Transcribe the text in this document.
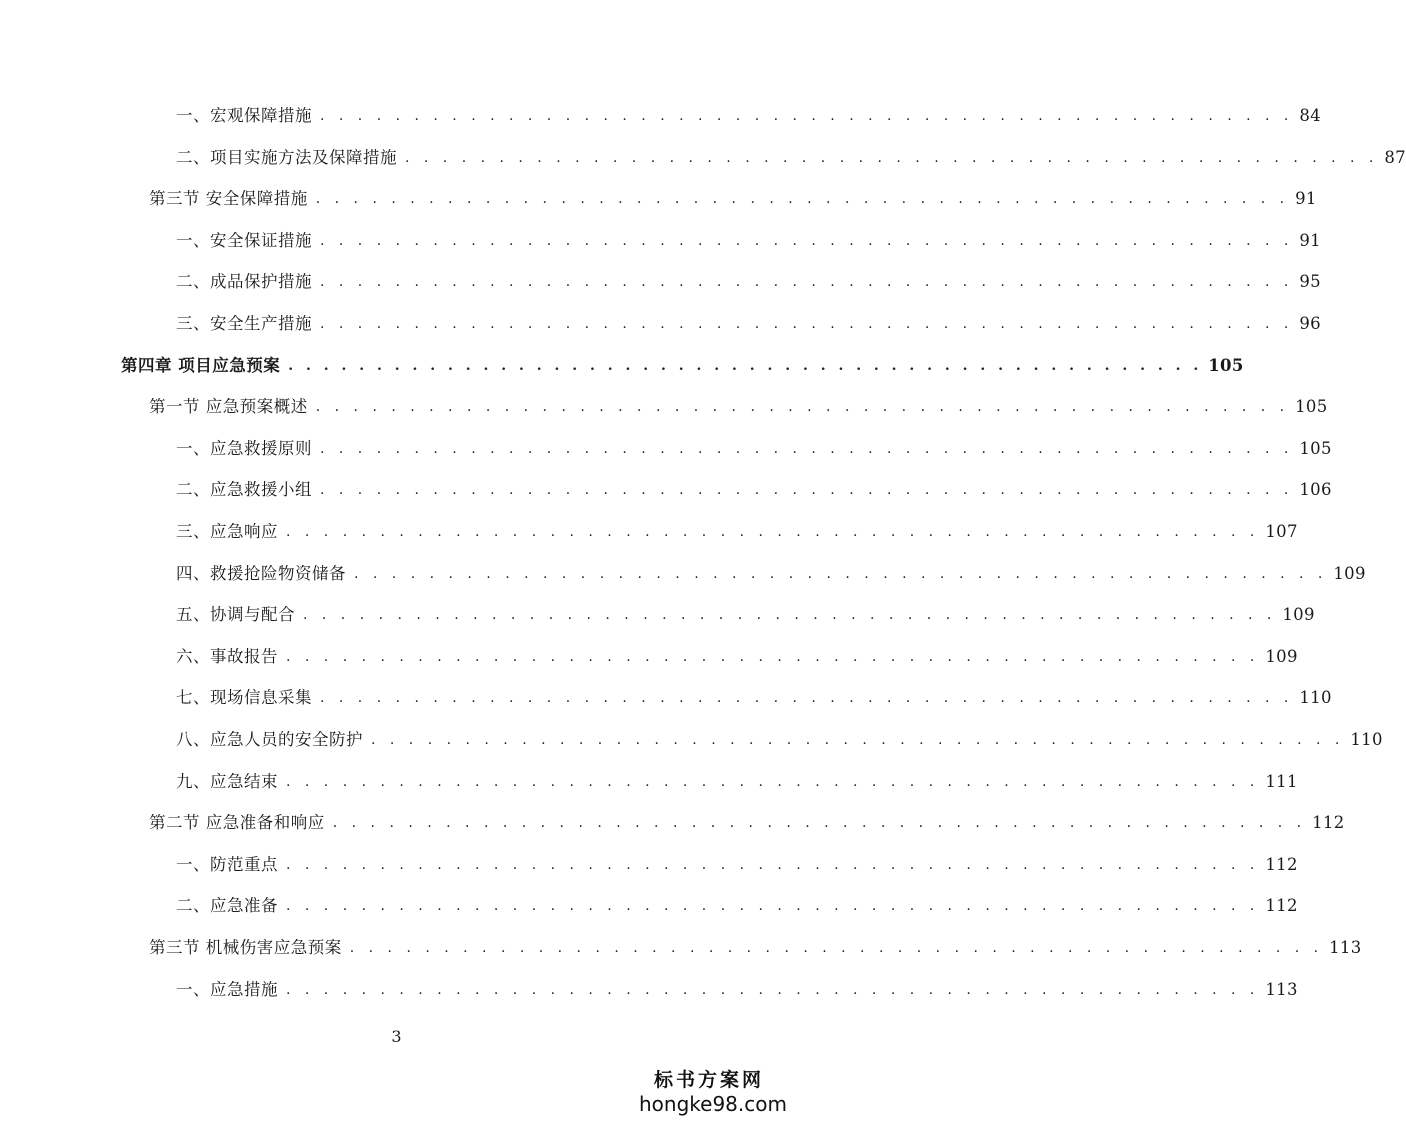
一、宏观保障措施 . . . . . . . . . . . . . . . . . . . . . . . . . . . . . . . . . . . . . . . . . . . . . . . . . . . . 84
二、项目实施方法及保障措施 . . . . . . . . . . . . . . . . . . . . . . . . . . . . . . . . . . . . . . . . . . . . . . . . . . . . 87
第三节 安全保障措施 . . . . . . . . . . . . . . . . . . . . . . . . . . . . . . . . . . . . . . . . . . . . . . . . . . . . 91
一、安全保证措施 . . . . . . . . . . . . . . . . . . . . . . . . . . . . . . . . . . . . . . . . . . . . . . . . . . . . 91
二、成品保护措施 . . . . . . . . . . . . . . . . . . . . . . . . . . . . . . . . . . . . . . . . . . . . . . . . . . . . 95
三、安全生产措施 . . . . . . . . . . . . . . . . . . . . . . . . . . . . . . . . . . . . . . . . . . . . . . . . . . . . 96
第四章 项目应急预案 . . . . . . . . . . . . . . . . . . . . . . . . . . . . . . . . . . . . . . . . . . . . . . . . . . . . 105
第一节 应急预案概述 . . . . . . . . . . . . . . . . . . . . . . . . . . . . . . . . . . . . . . . . . . . . . . . . . . . . 105
一、应急救援原则 . . . . . . . . . . . . . . . . . . . . . . . . . . . . . . . . . . . . . . . . . . . . . . . . . . . . 105
二、应急救援小组 . . . . . . . . . . . . . . . . . . . . . . . . . . . . . . . . . . . . . . . . . . . . . . . . . . . . 106
三、应急响应 . . . . . . . . . . . . . . . . . . . . . . . . . . . . . . . . . . . . . . . . . . . . . . . . . . . . 107
四、救援抢险物资储备 . . . . . . . . . . . . . . . . . . . . . . . . . . . . . . . . . . . . . . . . . . . . . . . . . . . . 109
五、协调与配合 . . . . . . . . . . . . . . . . . . . . . . . . . . . . . . . . . . . . . . . . . . . . . . . . . . . . 109
六、事故报告 . . . . . . . . . . . . . . . . . . . . . . . . . . . . . . . . . . . . . . . . . . . . . . . . . . . . 109
七、现场信息采集 . . . . . . . . . . . . . . . . . . . . . . . . . . . . . . . . . . . . . . . . . . . . . . . . . . . . 110
八、应急人员的安全防护 . . . . . . . . . . . . . . . . . . . . . . . . . . . . . . . . . . . . . . . . . . . . . . . . . . . . 110
九、应急结束 . . . . . . . . . . . . . . . . . . . . . . . . . . . . . . . . . . . . . . . . . . . . . . . . . . . . 111
第二节 应急准备和响应 . . . . . . . . . . . . . . . . . . . . . . . . . . . . . . . . . . . . . . . . . . . . . . . . . . . . 112
一、防范重点 . . . . . . . . . . . . . . . . . . . . . . . . . . . . . . . . . . . . . . . . . . . . . . . . . . . . 112
二、应急准备 . . . . . . . . . . . . . . . . . . . . . . . . . . . . . . . . . . . . . . . . . . . . . . . . . . . . 112
第三节 机械伤害应急预案 . . . . . . . . . . . . . . . . . . . . . . . . . . . . . . . . . . . . . . . . . . . . . . . . . . . . 113
一、应急措施 . . . . . . . . . . . . . . . . . . . . . . . . . . . . . . . . . . . . . . . . . . . . . . . . . . . . 113
3
标书方案网
hongke98.com
